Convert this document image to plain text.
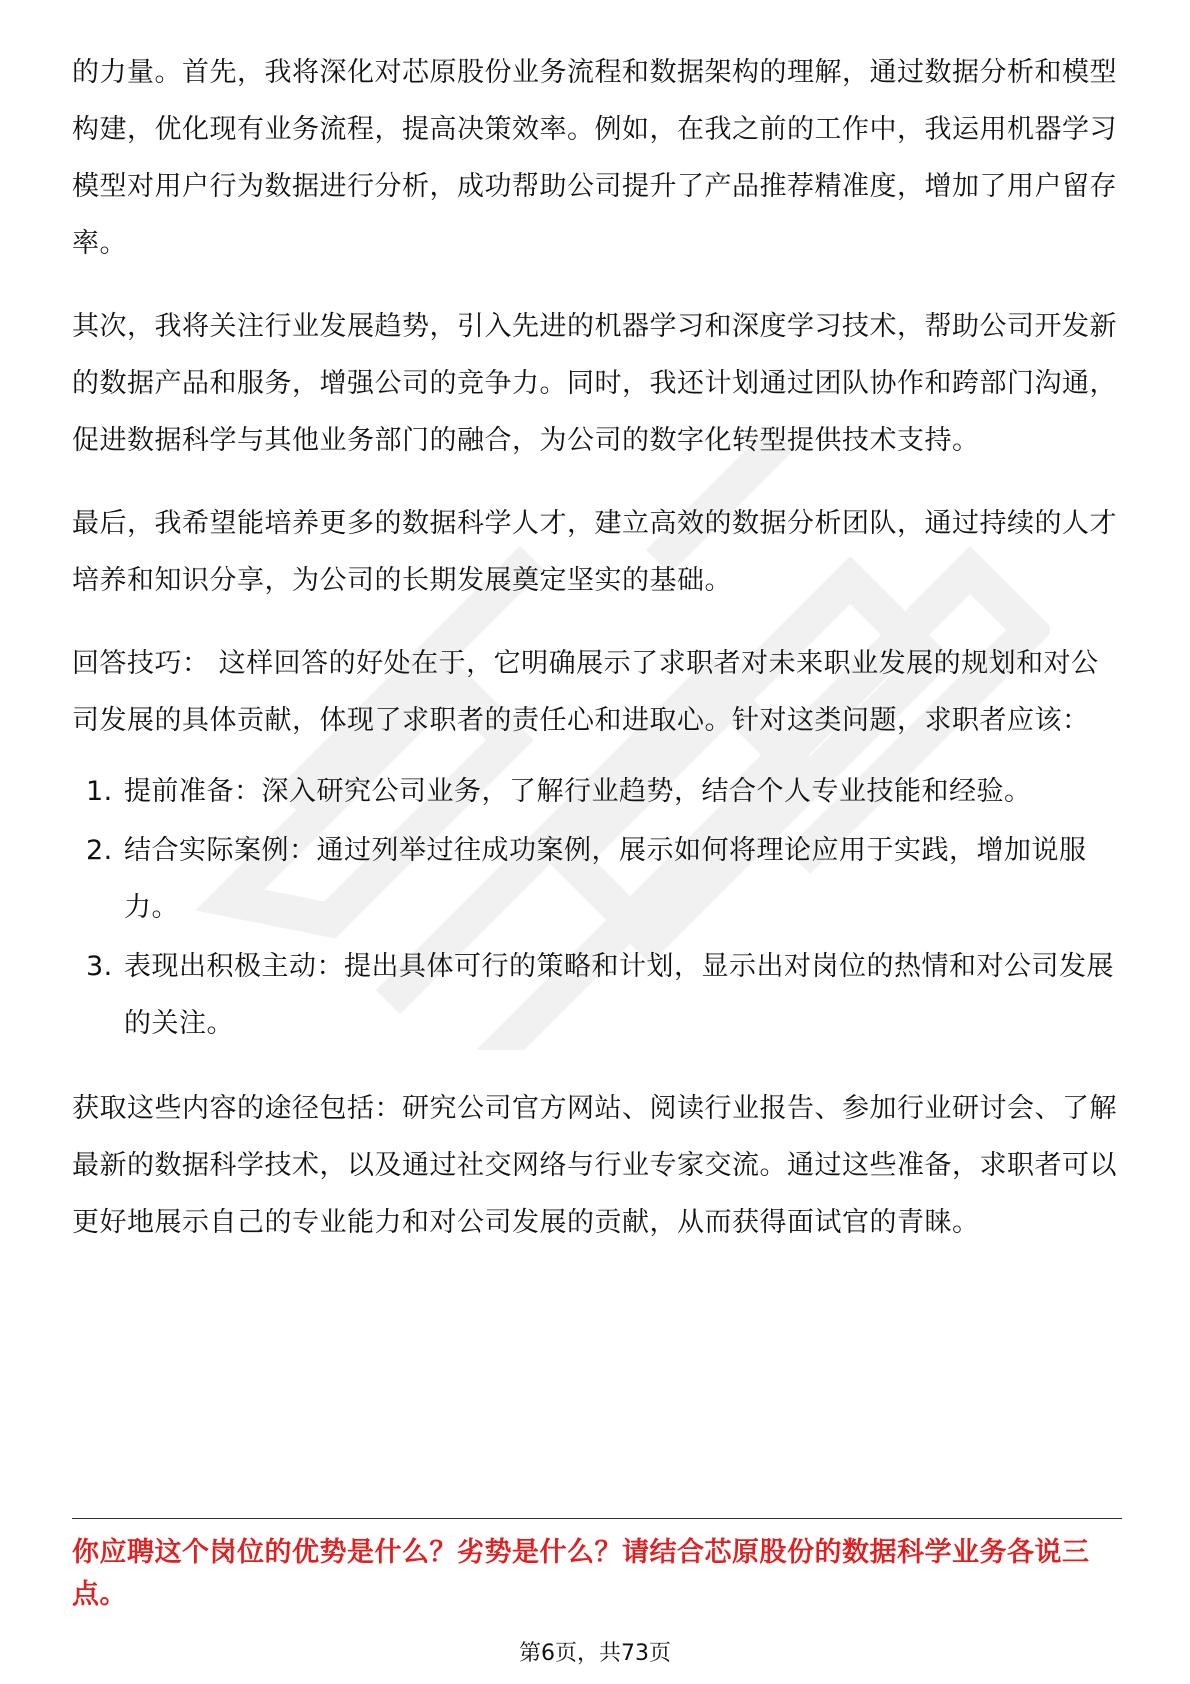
的力量。首先，我将深化对芯原股份业务流程和数据架构的理解，通过数据分析和模型构建，优化现有业务流程，提高决策效率。例如，在我之前的工作中，我运用机器学习模型对用户行为数据进行分析，成功帮助公司提升了产品推荐精准度，增加了用户留存率。

其次，我将关注行业发展趋势，引入先进的机器学习和深度学习技术，帮助公司开发新的数据产品和服务，增强公司的竞争力。同时，我还计划通过团队协作和跨部门沟通，促进数据科学与其他业务部门的融合，为公司的数字化转型提供技术支持。

最后，我希望能培养更多的数据科学人才，建立高效的数据分析团队，通过持续的人才培养和知识分享，为公司的长期发展奠定坚实的基础。

回答技巧： 这样回答的好处在于，它明确展示了求职者对未来职业发展的规划和对公司发展的具体贡献，体现了求职者的责任心和进取心。针对这类问题，求职者应该：

1. 提前准备：深入研究公司业务，了解行业趋势，结合个人专业技能和经验。
2. 结合实际案例：通过列举过往成功案例，展示如何将理论应用于实践，增加说服力。
3. 表现出积极主动：提出具体可行的策略和计划，显示出对岗位的热情和对公司发展的关注。

获取这些内容的途径包括：研究公司官方网站、阅读行业报告、参加行业研讨会、了解最新的数据科学技术，以及通过社交网络与行业专家交流。通过这些准备，求职者可以更好地展示自己的专业能力和对公司发展的贡献，从而获得面试官的青睐。

你应聘这个岗位的优势是什么？劣势是什么？请结合芯原股份的数据科学业务各说三点。
第6页，共73页
